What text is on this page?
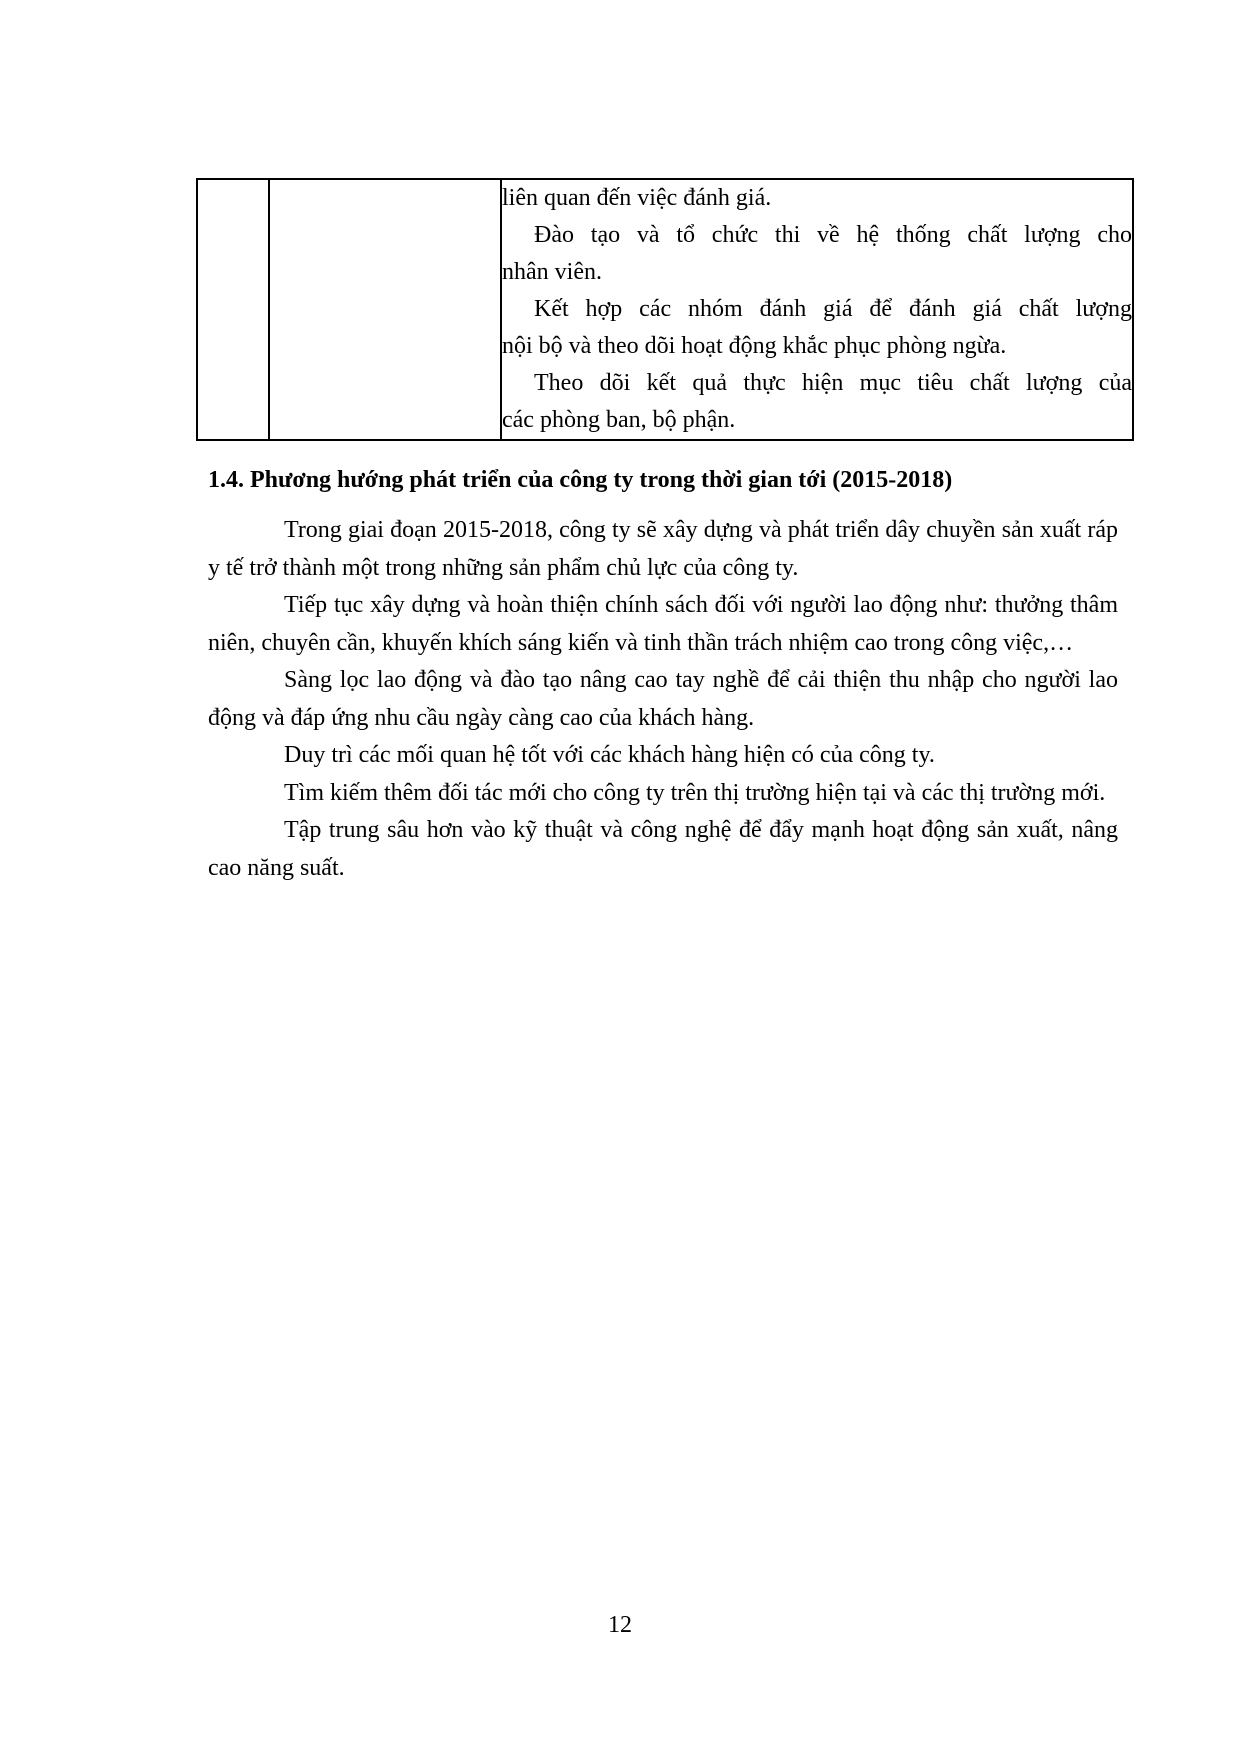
liên quan đến việc đánh giá.

Đào tạo và tổ chức thi về hệ thống chất lượng cho

nhân viên.

Kết hợp các nhóm đánh giá để đánh giá chất lượng

nội bộ và theo dõi hoạt động khắc phục phòng ngừa.

Theo dõi kết quả thực hiện mục tiêu chất lượng của

các phòng ban, bộ phận.

1.4. Phương hướng phát triển của công ty trong thời gian tới (2015-2018)

Trong giai đoạn 2015-2018, công ty sẽ xây dựng và phát triển dây chuyền sản xuất ráp y tế trở thành một trong những sản phẩm chủ lực của công ty.

Tiếp tục xây dựng và hoàn thiện chính sách đối với người lao động như: thưởng thâm niên, chuyên cần, khuyến khích sáng kiến và tinh thần trách nhiệm cao trong công việc,…

Sàng lọc lao động và đào tạo nâng cao tay nghề để cải thiện thu nhập cho người lao động và đáp ứng nhu cầu ngày càng cao của khách hàng.

Duy trì các mối quan hệ tốt với các khách hàng hiện có của công ty.

Tìm kiếm thêm đối tác mới cho công ty trên thị trường hiện tại và các thị trường mới.

Tập trung sâu hơn vào kỹ thuật và công nghệ để đẩy mạnh hoạt động sản xuất, nâng cao năng suất.

12
